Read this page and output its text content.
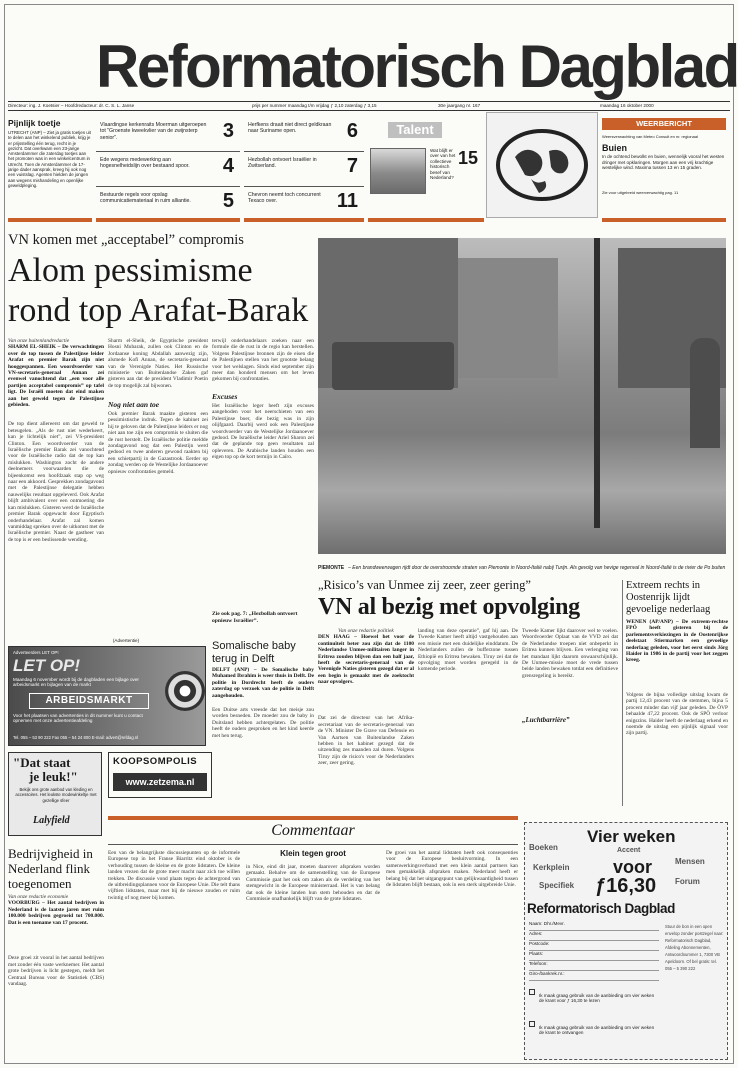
Reformatorisch Dagblad
Directeur: ing. J. Koetsier – Hoofdredacteur: dr. C. S. L. Janse	prijs per nummer maandag t/m vrijdag ƒ 2,10 zaterdag ƒ 3,15	30e jaargang nr. 167	maandag 16 oktober 2000
Pijnlijk toetje
UTRECHT (ANP) – Ziet ja gratis toetjes uit te delen aan het winkelend publiek, krijg je er prijsstelling één terug, recht in je gezicht. Dat overkwam een 23-jarige Amsterdammer die zaterdag toetjes aan het promoten was in een winkelcentrum in Utrecht. Toen de Amsterdammer de 17-jarige dader aansprak, kreeg hij ook nog een vuistslag. Agenten hielden de jongen aan wegens mishandeling en openlijke geweldpleging.
Vlaardingse kerkenraits Moerman uitgeroepen tot "Groenste kweekvlier van de zwijnsterp senior".	3
Ede wegens medewerking aan hogesnelheidslijn over bestaand spoor.	4
Bestuurde regels voor opslag communicatiemateriaal in ruim alliantie.	5
Herfkens draait niet direct geldkraan naar Suriname open.	6
Hezbollah ontvoert Israëlier in Zwitserland.	7
Chevron neemt toch concurrent Texaco over.	11
Talent
Wat blijft er over van het collectieve historisch besef van Nederland?
15
WEERBERICHT
Weersverwachting van Meteo Consult en nr. regionaal
Buien
In de ochtend bewolkt en buien, wennelijk vooral het westen dringer met opklaringen. Morgen aan een vrij krachtige westelijke wind. Maxima tussen 13 en 15 graden.
Zie voor uitgebreid weerverwachtig pag. 11
VN komen met „acceptabel” compromis
Alom pessimisme
rond top Arafat-Barak
Van onze buitenlandredactie
SHARM EL-SHEIK – De verwachtingen over de top tussen de Palestijnse leider Arafat en premier Barak zijn niet hooggespannen. Een woordvoerder van VN-secretaris-generaal Annan zei evenwel vanochtend dat „een voor alle partijen acceptabel compromis” op tafel ligt. De Israëli moeten dat eind maken aan het geweld tegen de Palestijnse gebieden.
De top dient allereerst om dat geweld te beteugelen. „Als de rust niet wederkeert, kan je lichtelijk niet”, zei VS-president Clinton. Een woordvoerder van de Israëlische premier Barak zei vanochtend voor de Israëlische radio dat de top kan mislukken. Washington zocht de andere deelnemers voorwaarden die de bijeenkomst een hoofdzaak stap op weg naar een akkoord. Gesprekken zondagavond met de Palestijnse delegatie hebben nauwelijks resultaat opgeleverd. Ook Arafat blijft ambivalent over een ontmoeting die kan mislukken. Gisteren werd de Israëlische premier Barak opgewacht door Egyptisch onderhandelaar. Arafat zal komen vanmiddag spreken over de uitkomst met de Israëlische premier. Naast de gastheer van de top is er een beslissende wending.
Sharm el-Sheik, de Egyptische president Hosni Mubarak, zullen ook Clinton en de Jordaanse koning Abdallah aanwezig zijn, alsmede Kofi Annan, de secretaris-generaal van de Verenigde Naties. Het Russische ministerie van Buitenlandse Zaken gaf gisteren aan dat de president Vladimir Poetin de top mogelijk zal bijwonen.
Nog niet aan toe
Ook premier Barak maakte gisteren een pessimistische indruk. Tegen de kabinet zei hij te geloven dat de Palestijnse leiders er nog niet aan toe zijn een compromis te sluiten die de rust herstelt. De Israëlische politie meldde zondagavond nog dat een Palestijn werd gedood en twee anderen gewond raakten bij een schietpartij in de Gazastrook. Eerder op zondag werden op de Westelijke Jordaanoever opnieuw confrontaties gemeld.
terwijl onderhandelaars zoeken naar een formule die de rust in de regio kan herstellen. Volgens Palestijnse bronnen zijn de eisen die de Palestijnen stellen van het grootste belang voor het welslagen. Sinds eind september zijn meer dan honderd mensen om het leven gekomen bij confrontaties.
Excuses
Het Israëlische leger heeft zijn excuses aangeboden voor het neerschieten van een Palestijnse boer, die bezig was in zijn olijfgaard. Daarbij werd ook een Palestijnse woordvoerder van de Westelijke Jordaanoever gedood. De Israëlische leider Ariel Sharon zei dat de geplande top geen resultaten zal opleveren. De Arabische landen houden een eigen top op de kort termijn in Caïro.
Zie ook pag. 7: „Hezbollah ontvoert opnieuw Israëlier”.
PIEMONTE – Een brandweerwagen rijdt door de overstroomde straten van Piemonte in Noord-Italië nabij Turijn. Als gevolg van hevige regenval in Noord-Italië is de rivier de Po buiten
„Risico’s van Unmee zij zeer, zeer gering”
VN al bezig met opvolging
Van onze redactie politiek
DEN HAAG – Hoewel het voor de continuïteit beter zou zijn dat de 1100 Nederlandse Unmee-militairen langer in Eritrea zouden blijven dan een half jaar, heeft de secretaris-generaal van de Verenigde Naties gisteren gezegd dat er al een begin is gemaakt met de zoektocht naar opvolgers.
Dat zei de directeur van het Afrika-secretariaat van de secretaris-generaal van de VN. Minister De Grave van Defensie en Van Aartsen van Buitenlandse Zaken hebben in het kabinet gezegd dat de uitzending zes maanden zal duren. Volgens Tiruy zijn de risico's voor de Nederlanders zeer, zeer gering.
landing van deze operatie”, gaf hij aan. De Tweede Kamer heeft altijd vastgehouden aan een missie met een duidelijke einddatum. De Nederlanders zullen de bufferzone tussen Ethiopië en Eritrea bewaken. Tiruy zei dat de opvolging moet worden geregeld in de komende periode.
Tweede Kamer lijkt daarover wel te voelen. Woordvoerder Oplaat van de VVD zei dat de Nederlandse troepen niet onbeperkt in Eritrea kunnen blijven. Een verlenging van het mandaat lijkt daarom onwaarschijnlijk. De Unmee-missie moet de vrede tussen beide landen bewaken totdat een definitieve grensregeling is bereikt.
„Luchtbarrière”
Extreem rechts in Oostenrijk lijdt gevoelige nederlaag
WENEN (AP/ANP) – De extreem-rechtse FPÖ heeft gisteren bij de parlementsverkiezingen in de Oostenrijkse deelstaat Stiermarken een gevoelige nederlaag geleden, voor het eerst sinds Jörg Haider in 1986 in de partij voor het zeggen kreeg.
Volgens de bijna volledige uitslag kwam de partij 12,43 procent van de stemmen, bijna 5 procent minder dan vijf jaar geleden. De ÖVP behaalde 47,22 procent. Ook de SPÖ verloor enigszins. Haider heeft de nederlaag erkend en noemde de uitslag een pijnlijk signaal voor zijn partij.
(Advertentie)
Adverteerders LET OP!
LET OP!
Maandag 6 november wordt bij de dagbladen een bijlage over arbeidsmarkt en bijlagen van de markt
ARBEIDSMARKT
Voor het plaatsen van advertenties in dit nummer kunt u contact opnemen met onze advertentieafdeling
Tel. 055 – 53 90 222 Fax 055 – 54 24 800 E-mail: advert@refdag.nl
"Dat staat
je leuk!"
Bekijk ons grote aanbod van kleding en accessoires. Het leukste modewinkeltje met gezellige sfeer
Lalyfield
Somalische baby terug in Delft
DELFT (ANP) – De Somalische baby Muhamed Ibrahim is weer thuis in Delft. De politie in Dordrecht heeft de ouders zaterdag op verzoek van de politie in Delft aangehouden.
Een Duitse arts vreesde dat het meisje zou worden besneden. De moeder zou de baby in Duitsland hebben achtergelaten. De politie heeft de ouders gesproken en het kind keerde met hen terug.
KOOPSOMPOLIS
www.zetzema.nl
Bedrijvigheid in Nederland flink toegenomen
Van onze redactie economie
VOORBURG – Het aantal bedrijven in Nederland is de laatste jaren met ruim 100.000 bedrijven gegroeid tot 700.000. Dat is een toename van 17 procent.
Deze groei zit vooral in het aantal bedrijven met zonder één vaste werknemer. Het aantal grote bedrijven is licht gestegen, meldt het Centraal Bureau voor de Statistiek (CBS) vandaag.
Commentaar
Een van de belangrijkste discussiepunten op de informele Europese top in het Franse Biarritz eind oktober is de verhouding tussen de kleine en de grote lidstaten. De kleine landen vrezen dat de grote meer macht naar zich toe willen trekken. De discussie vond plaats tegen de achtergrond van de uitbreidingsplannen voor de Europese Unie. Die telt thans vijftien lidstaten, maar met bij de nieuwe zouden er ruim twintig of nog meer bij komen.
Klein tegen groot
in Nice, eind dit jaar, moeten daarover afspraken worden gemaakt. Behalve om de samenstelling van de Europese Commissie gaat het ook om zaken als de verdeling van het stemgewicht in de Europese ministerraad. Het is van belang dat ook de kleine landen hun stem behouden en dat de Commissie onafhankelijk blijft van de grote lidstaten.
De groei van het aantal lidstaten heeft ook consequenties voor de Europese besluitvorming. In een samenwerkingsverband met een klein aantal partners kan men gemakkelijk afspraken maken. Nederland heeft er belang bij dat het uitgangspunt van gelijkwaardigheid tussen de lidstaten blijft bestaan, ook in een sterk uitgebreide Unie.
Boeken	Accent
Kerkplein
Mensen
Specifiek	Forum
Vier weken
voor
ƒ16,30
Reformatorisch Dagblad
Naam: Dhr./Mevr.
Adres:
Postcode:
Plaats:
Telefoon:
Giro-/bankrek.nr.:
Ik maak graag gebruik van de aanbieding om vier weken de krant voor ƒ 16,30 te lezen
Ik maak graag gebruik van de aanbieding om vier weken de krant te ontvangen
Stuur de bon in een open envelop zonder postzegel naar: Reformatorisch Dagblad, Afdeling Abonnementen, Antwoordnummer 1, 7300 VB Apeldoorn. Of bel gratis: tel. 055 – 5 390 222
